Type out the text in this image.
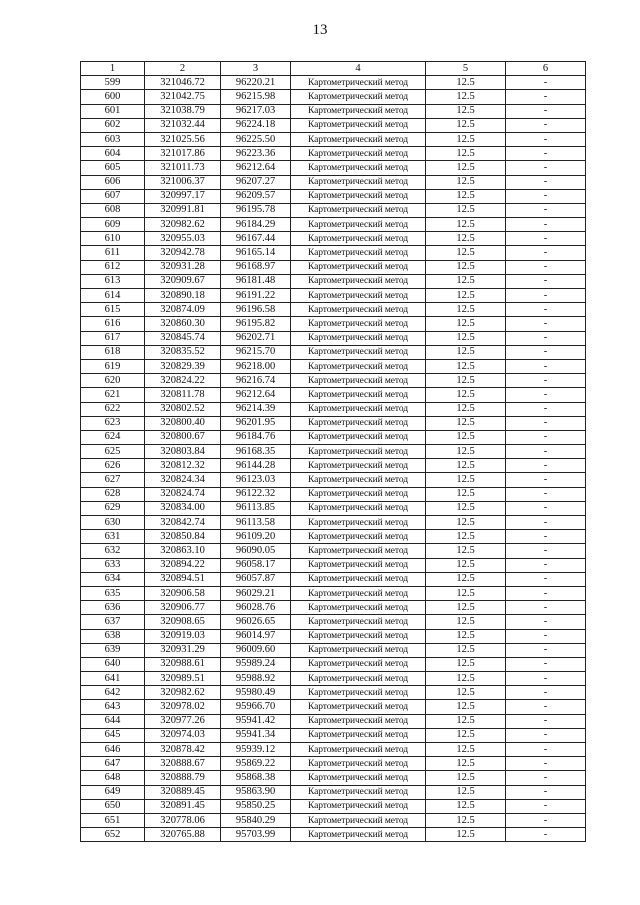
13
1	2	3	4	5	6
599	321046.72	96220.21	Картометрический метод	12.5	-
600	321042.75	96215.98	Картометрический метод	12.5	-
601	321038.79	96217.03	Картометрический метод	12.5	-
602	321032.44	96224.18	Картометрический метод	12.5	-
603	321025.56	96225.50	Картометрический метод	12.5	-
604	321017.86	96223.36	Картометрический метод	12.5	-
605	321011.73	96212.64	Картометрический метод	12.5	-
606	321006.37	96207.27	Картометрический метод	12.5	-
607	320997.17	96209.57	Картометрический метод	12.5	-
608	320991.81	96195.78	Картометрический метод	12.5	-
609	320982.62	96184.29	Картометрический метод	12.5	-
610	320955.03	96167.44	Картометрический метод	12.5	-
611	320942.78	96165.14	Картометрический метод	12.5	-
612	320931.28	96168.97	Картометрический метод	12.5	-
613	320909.67	96181.48	Картометрический метод	12.5	-
614	320890.18	96191.22	Картометрический метод	12.5	-
615	320874.09	96196.58	Картометрический метод	12.5	-
616	320860.30	96195.82	Картометрический метод	12.5	-
617	320845.74	96202.71	Картометрический метод	12.5	-
618	320835.52	96215.70	Картометрический метод	12.5	-
619	320829.39	96218.00	Картометрический метод	12.5	-
620	320824.22	96216.74	Картометрический метод	12.5	-
621	320811.78	96212.64	Картометрический метод	12.5	-
622	320802.52	96214.39	Картометрический метод	12.5	-
623	320800.40	96201.95	Картометрический метод	12.5	-
624	320800.67	96184.76	Картометрический метод	12.5	-
625	320803.84	96168.35	Картометрический метод	12.5	-
626	320812.32	96144.28	Картометрический метод	12.5	-
627	320824.34	96123.03	Картометрический метод	12.5	-
628	320824.74	96122.32	Картометрический метод	12.5	-
629	320834.00	96113.85	Картометрический метод	12.5	-
630	320842.74	96113.58	Картометрический метод	12.5	-
631	320850.84	96109.20	Картометрический метод	12.5	-
632	320863.10	96090.05	Картометрический метод	12.5	-
633	320894.22	96058.17	Картометрический метод	12.5	-
634	320894.51	96057.87	Картометрический метод	12.5	-
635	320906.58	96029.21	Картометрический метод	12.5	-
636	320906.77	96028.76	Картометрический метод	12.5	-
637	320908.65	96026.65	Картометрический метод	12.5	-
638	320919.03	96014.97	Картометрический метод	12.5	-
639	320931.29	96009.60	Картометрический метод	12.5	-
640	320988.61	95989.24	Картометрический метод	12.5	-
641	320989.51	95988.92	Картометрический метод	12.5	-
642	320982.62	95980.49	Картометрический метод	12.5	-
643	320978.02	95966.70	Картометрический метод	12.5	-
644	320977.26	95941.42	Картометрический метод	12.5	-
645	320974.03	95941.34	Картометрический метод	12.5	-
646	320878.42	95939.12	Картометрический метод	12.5	-
647	320888.67	95869.22	Картометрический метод	12.5	-
648	320888.79	95868.38	Картометрический метод	12.5	-
649	320889.45	95863.90	Картометрический метод	12.5	-
650	320891.45	95850.25	Картометрический метод	12.5	-
651	320778.06	95840.29	Картометрический метод	12.5	-
652	320765.88	95703.99	Картометрический метод	12.5	-
